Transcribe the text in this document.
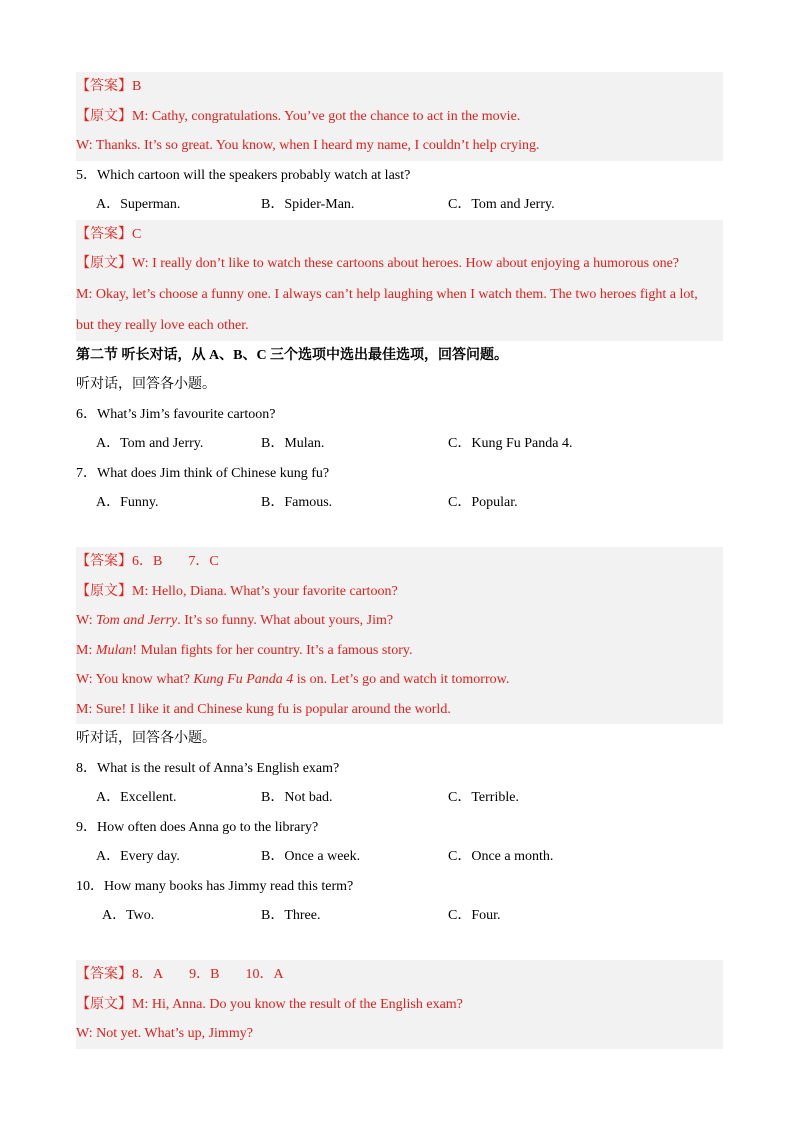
【答案】B
【原文】M: Cathy, congratulations. You’ve got the chance to act in the movie.
W: Thanks. It’s so great. You know, when I heard my name, I couldn’t help crying.
5．Which cartoon will the speakers probably watch at last?
A．Superman.	B．Spider-Man.	C．Tom and Jerry.
【答案】C
【原文】W: I really don’t like to watch these cartoons about heroes. How about enjoying a humorous one?
M: Okay, let’s choose a funny one. I always can’t help laughing when I watch them. The two heroes fight a lot,
but they really love each other.
第二节 听长对话，从 A、B、C 三个选项中选出最佳选项，回答问题。
听对话，回答各小题。
6．What’s Jim’s favourite cartoon?
A．Tom and Jerry.	B．Mulan.	C．Kung Fu Panda 4.
7．What does Jim think of Chinese kung fu?
A．Funny.	B．Famous.	C．Popular.
【答案】6．B 7．C
【原文】M: Hello, Diana. What’s your favorite cartoon?
W: Tom and Jerry. It’s so funny. What about yours, Jim?
M: Mulan! Mulan fights for her country. It’s a famous story.
W: You know what? Kung Fu Panda 4 is on. Let’s go and watch it tomorrow.
M: Sure! I like it and Chinese kung fu is popular around the world.
听对话，回答各小题。
8．What is the result of Anna’s English exam?
A．Excellent.	B．Not bad.	C．Terrible.
9．How often does Anna go to the library?
A．Every day.	B．Once a week.	C．Once a month.
10．How many books has Jimmy read this term?
A．Two.	B．Three.	C．Four.
【答案】8．A 9．B 10．A
【原文】M: Hi, Anna. Do you know the result of the English exam?
W: Not yet. What’s up, Jimmy?
